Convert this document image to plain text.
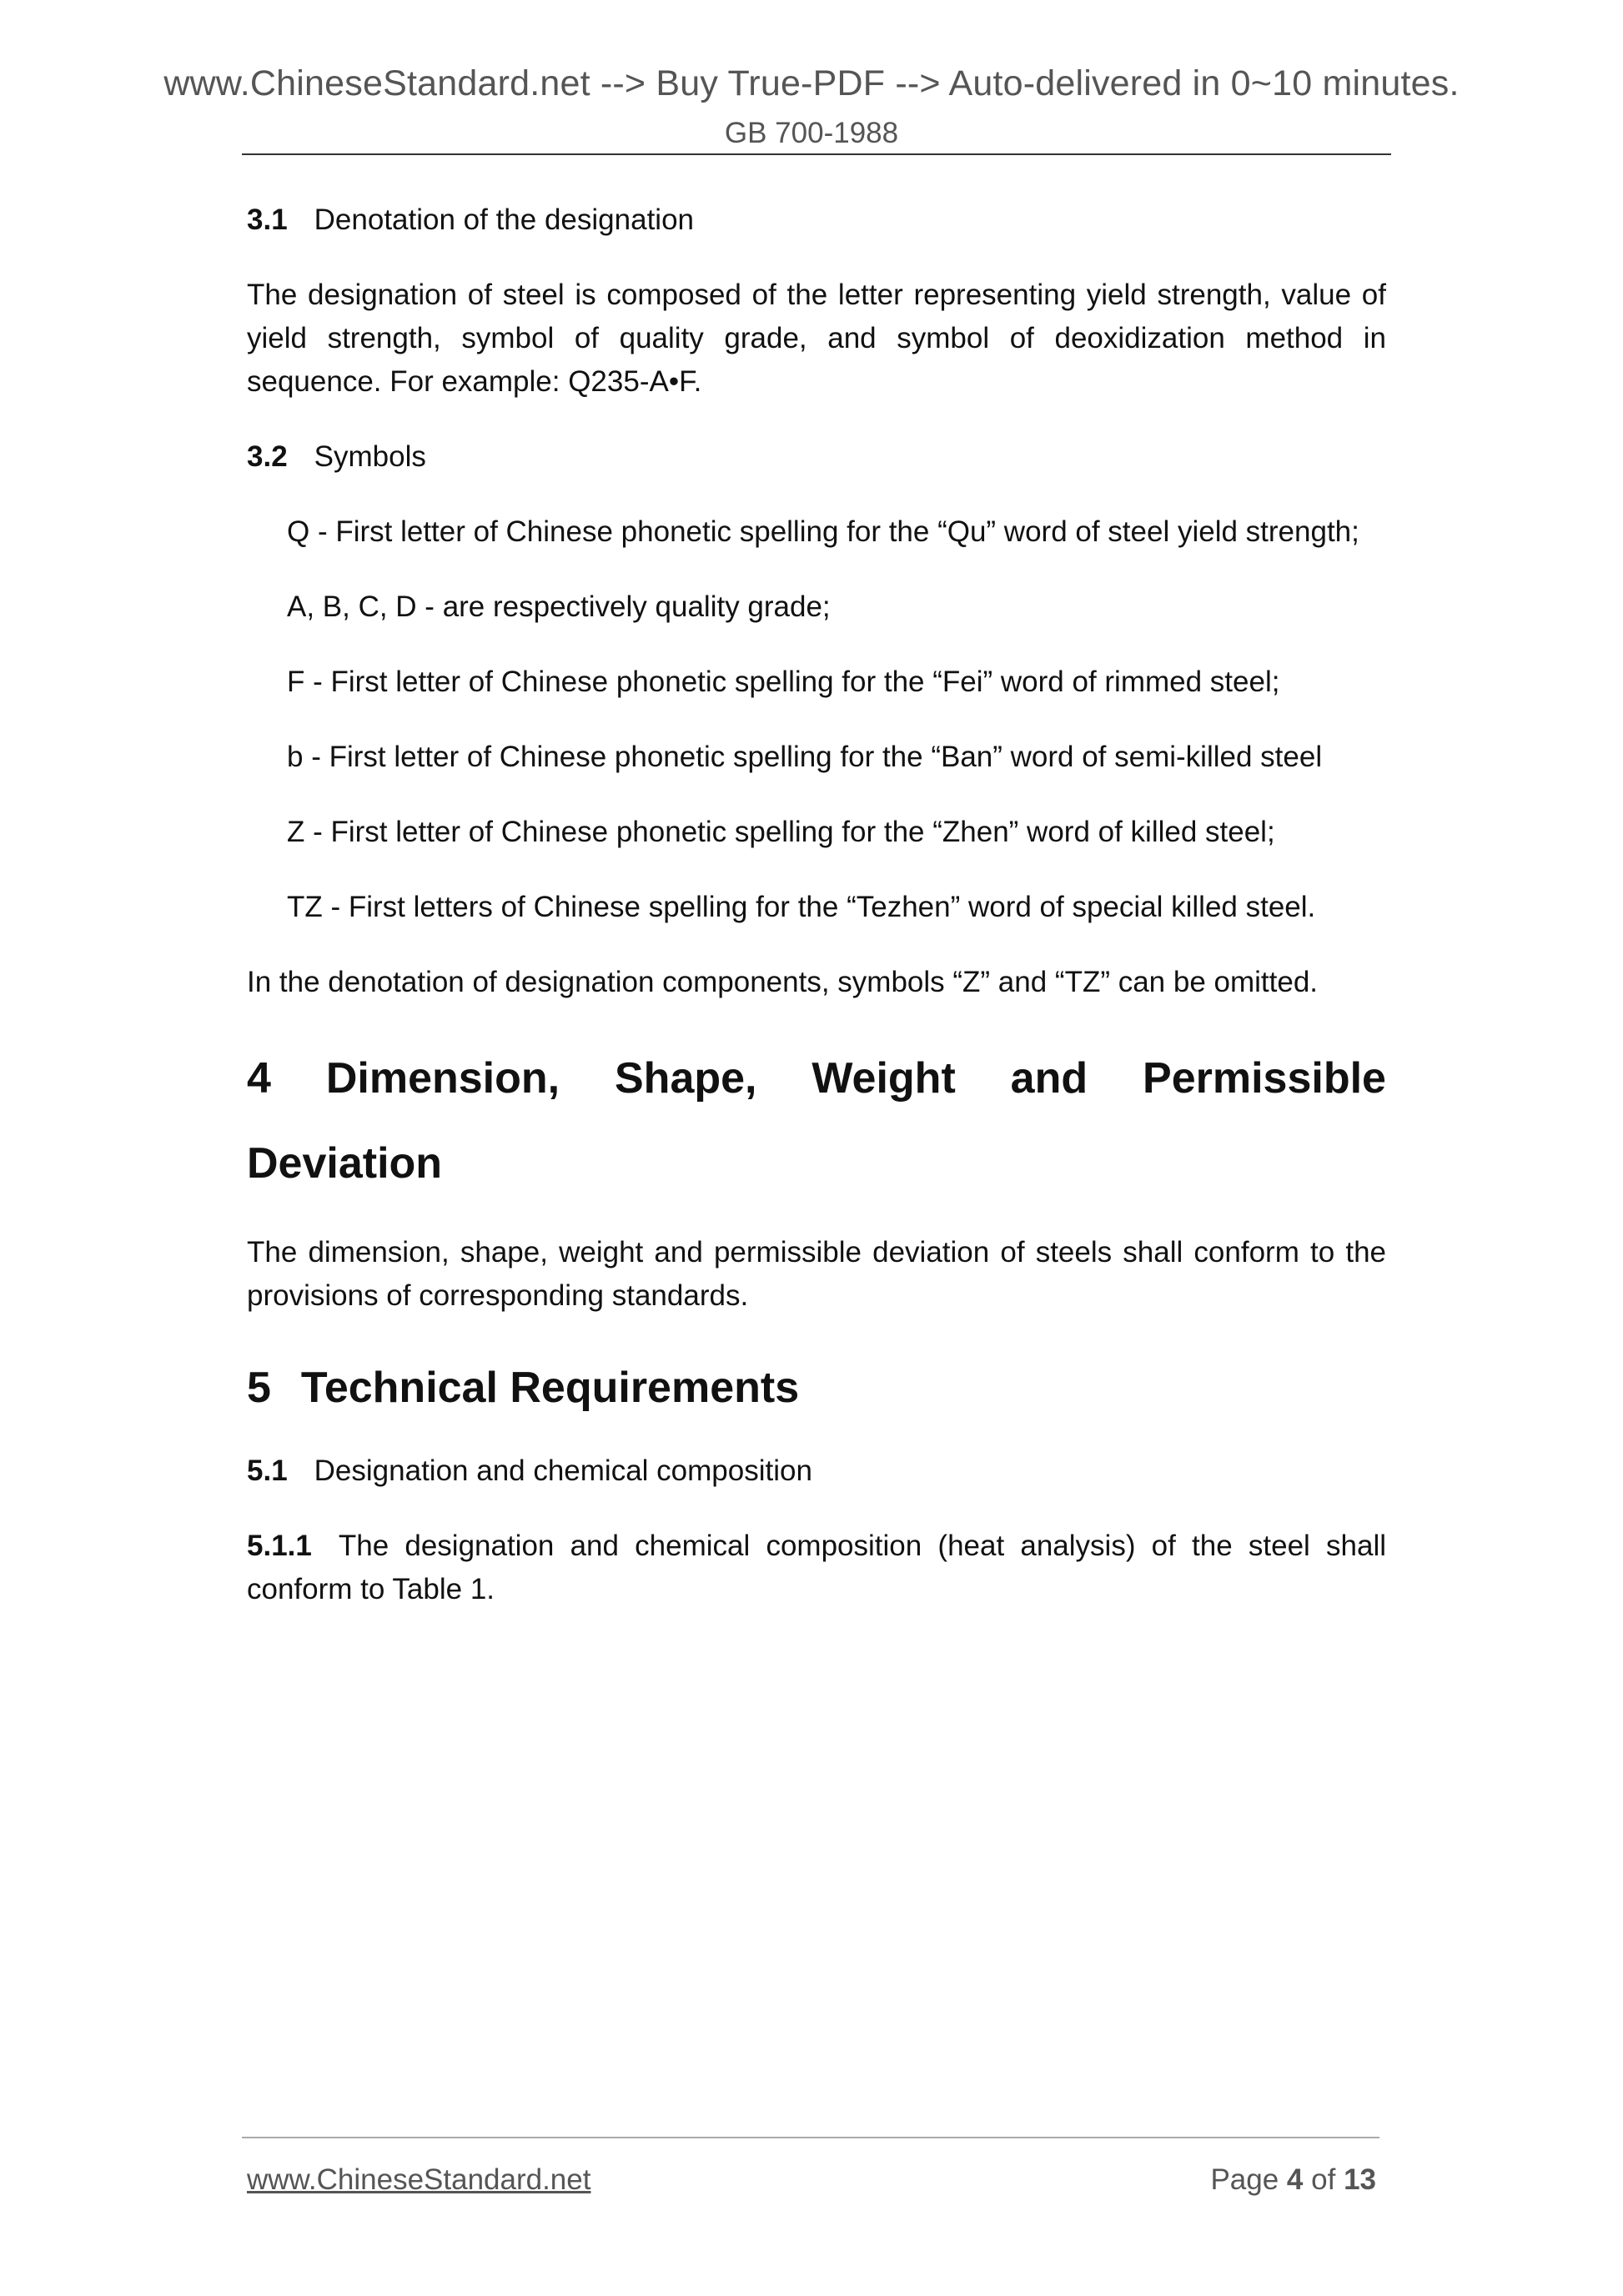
www.ChineseStandard.net --> Buy True-PDF --> Auto-delivered in 0~10 minutes.
GB 700-1988
3.1 Denotation of the designation
The designation of steel is composed of the letter representing yield strength, value of yield strength, symbol of quality grade, and symbol of deoxidization method in sequence. For example: Q235-A•F.
3.2 Symbols
Q - First letter of Chinese phonetic spelling for the “Qu” word of steel yield strength;
A, B, C, D - are respectively quality grade;
F - First letter of Chinese phonetic spelling for the “Fei” word of rimmed steel;
b - First letter of Chinese phonetic spelling for the “Ban” word of semi-killed steel
Z - First letter of Chinese phonetic spelling for the “Zhen” word of killed steel;
TZ - First letters of Chinese spelling for the “Tezhen” word of special killed steel.
In the denotation of designation components, symbols “Z” and “TZ” can be omitted.
4 Dimension, Shape, Weight and Permissible
Deviation
The dimension, shape, weight and permissible deviation of steels shall conform to the provisions of corresponding standards.
5 Technical Requirements
5.1 Designation and chemical composition
5.1.1 The designation and chemical composition (heat analysis) of the steel shall conform to Table 1.
www.ChineseStandard.net	Page 4 of 13
